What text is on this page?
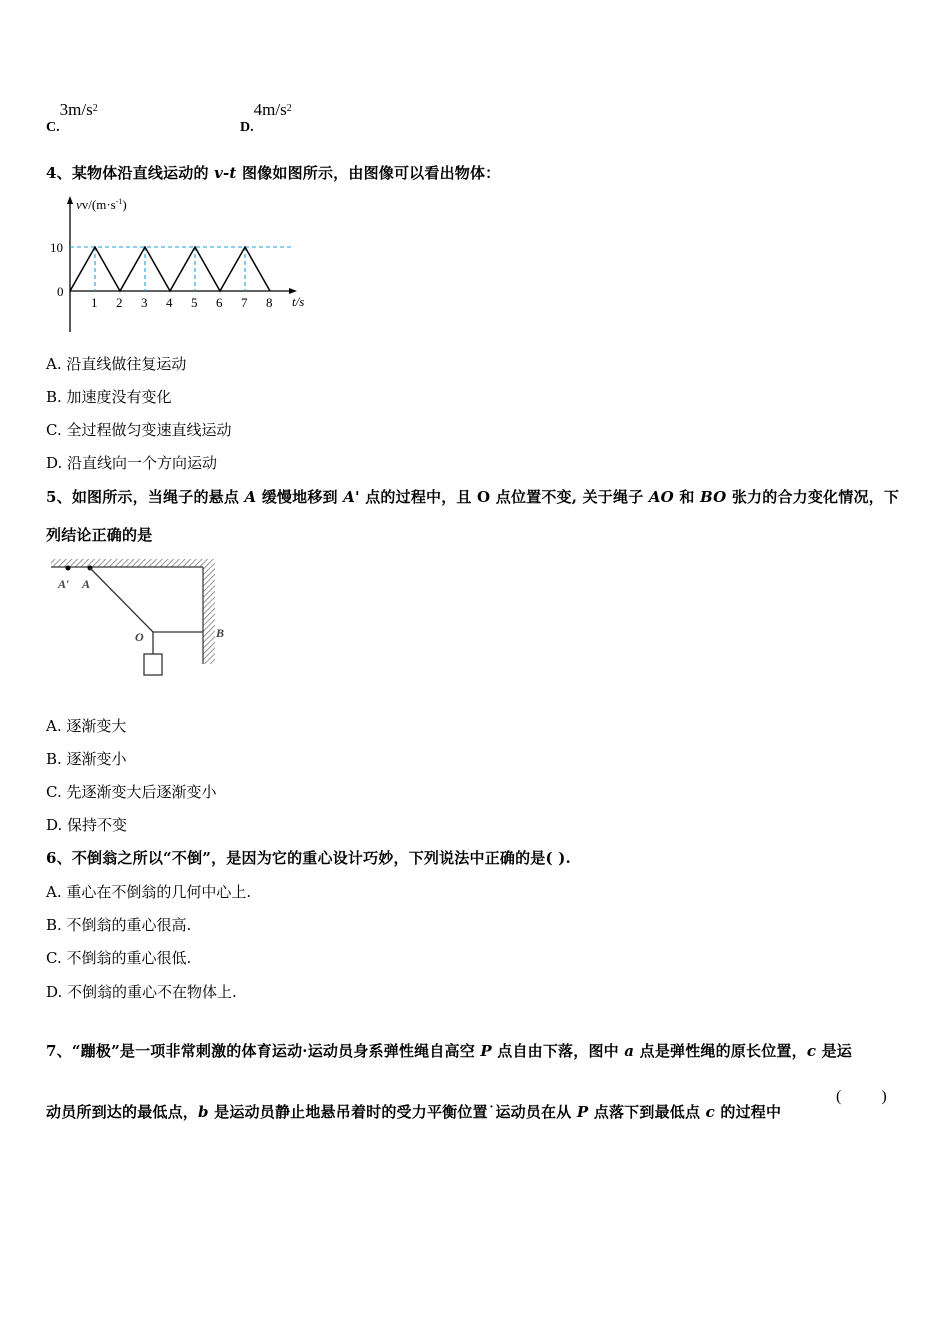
$C.3m/s^2$
$D.4m/s^2$
4、某物体沿直线运动的 v-t 图像如图所示，由图像可以看出物体：
$vv/(m\cdot s^{-1})$
10
0
1 2 3 4 5 6 7 8 t/s
A. 沿直线做往复运动
B. 加速度没有变化
C. 全过程做匀变速直线运动
D. 沿直线向一个方向运动
5、如图所示，当绳子的悬点 A 缓慢地移到 A' 点的过程中，且 O 点位置不变, 关于绳子 AO 和 BO 张力的合力变化情况，下
列结论正确的是
A′ A
O	B
A. 逐渐变大
B. 逐渐变小
C. 先逐渐变大后逐渐变小
D. 保持不变
6、不倒翁之所以“不倒”，是因为它的重心设计巧妙，下列说法中正确的是( ).
A. 重心在不倒翁的几何中心上.
B. 不倒翁的重心很高.
C. 不倒翁的重心很低.
D. 不倒翁的重心不在物体上.
7、“蹦极”是一项非常刺激的体育运动·运动员身系弹性绳自高空 P 点自由下落，图中 a 点是弹性绳的原长位置，c 是运
动员所到达的最低点，b 是运动员静止地悬吊着时的受力平衡位置˙运动员在从 P 点落下到最低点 c 的过程中
(          )
